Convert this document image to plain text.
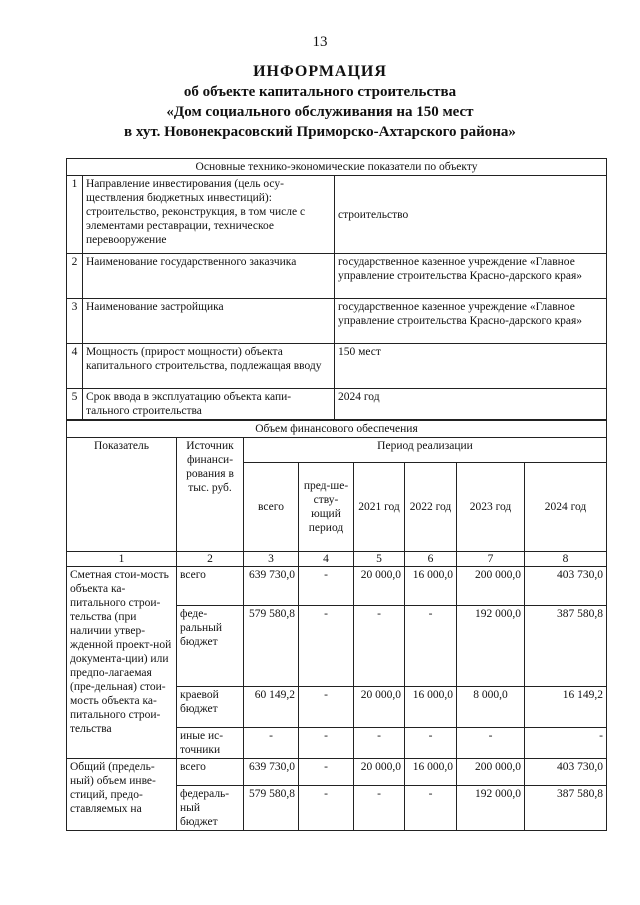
13
ИНФОРМАЦИЯ
об объекте капитального строительства
«Дом социального обслуживания на 150 мест
в хут. Новонекрасовский Приморско-Ахтарского района»
Основные технико-экономические показатели по объекту		
1	Направление инвестирования (цель осу-ществления бюджетных инвестиций): строительство, реконструкция, в том числе с элементами реставрации, техническое перевооружение	строительство
2	Наименование государственного заказчика	государственное казенное учреждение «Главное управление строительства Красно-дарского края»
3	Наименование застройщика	государственное казенное учреждение «Главное управление строительства Красно-дарского края»
4	Мощность (прирост мощности) объекта капитального строительства, подлежащая вводу	150 мест
5	Срок ввода в эксплуатацию объекта капи-тального строительства	2024 год
Объем финансового обеспечения							
Показатель	Источник финанси-рования в тыс. руб.	Период реализации					
		всего	пред-ше-ству-ющий период	2021 год	2022 год	2023 год	2024 год
1	2	3	4	5	6	7	8
Сметная стои-мость объекта ка-питального строи-тельства (при наличии утвер-жденной проект-ной документа-ции) или предпо-лагаемая (пре-дельная) стои-мость объекта ка-питального строи-тельства	всего	639 730,0	-	20 000,0	16 000,0	200 000,0	403 730,0
	феде-ральный бюджет	579 580,8	-	-	-	192 000,0	387 580,8
	краевой бюджет	60 149,2	-	20 000,0	16 000,0	8 000,0	16 149,2
	иные ис-точники	-	-	-	-	-	-
Общий (предель-ный) объем инве-стиций, предо-ставляемых на	всего	639 730,0	-	20 000,0	16 000,0	200 000,0	403 730,0
	федераль-ный бюджет	579 580,8	-	-	-	192 000,0	387 580,8
